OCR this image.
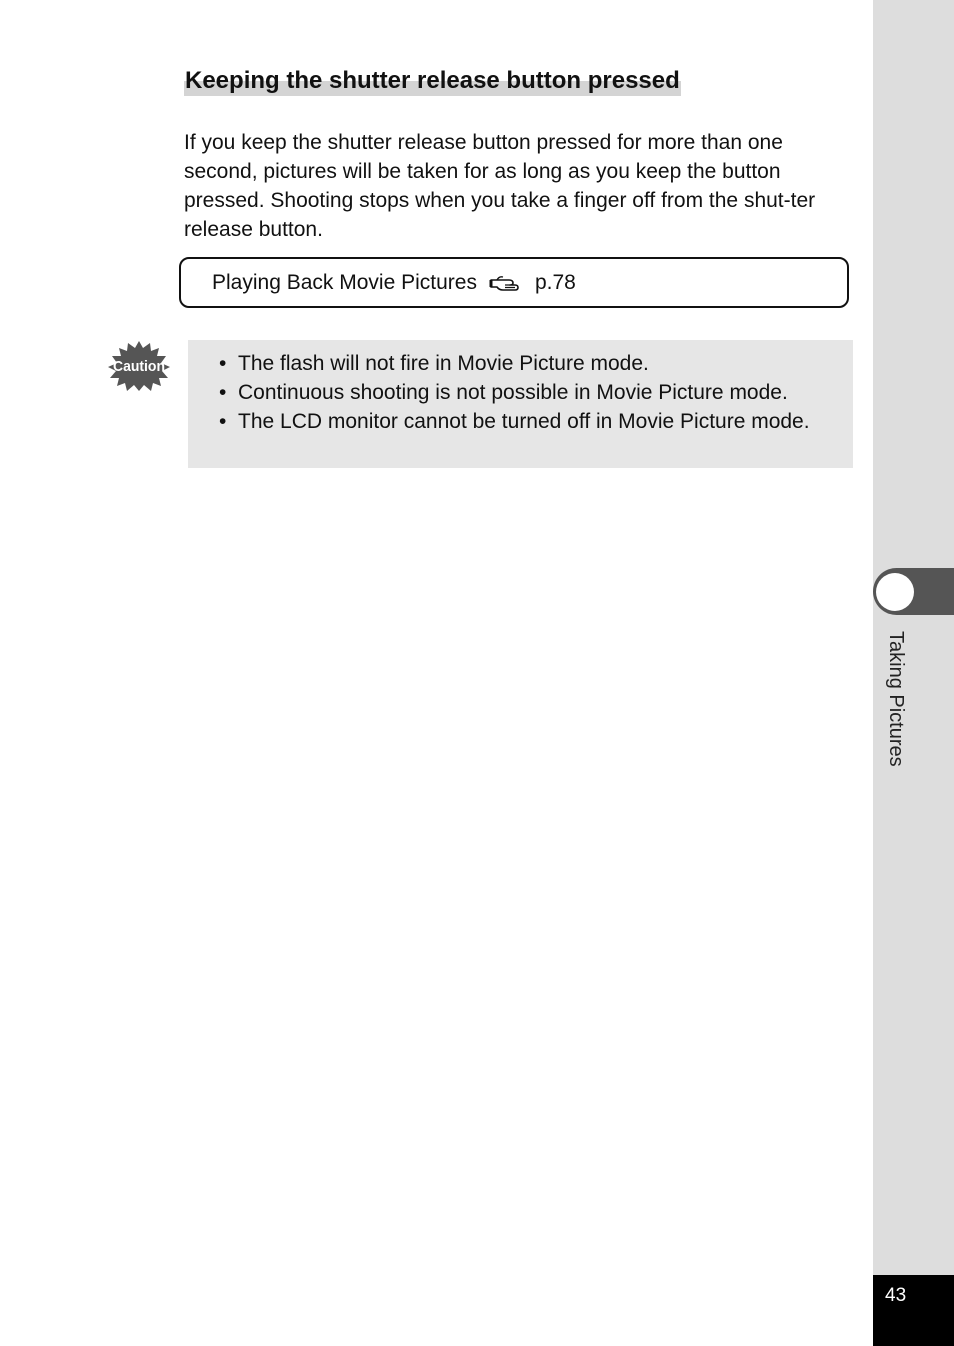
Taking Pictures
Keeping the shutter release button pressed

If you keep the shutter release button pressed for more than one second, pictures will be taken for as long as you keep the button pressed. Shooting stops when you take a finger off from the shut-ter release button.

Playing Back Movie Pictures	p.78
Caution
•	The flash will not fire in Movie Picture mode.
• Continuous shooting is not possible in Movie Picture mode.
• The LCD monitor cannot be turned off in Movie Picture mode.
43
